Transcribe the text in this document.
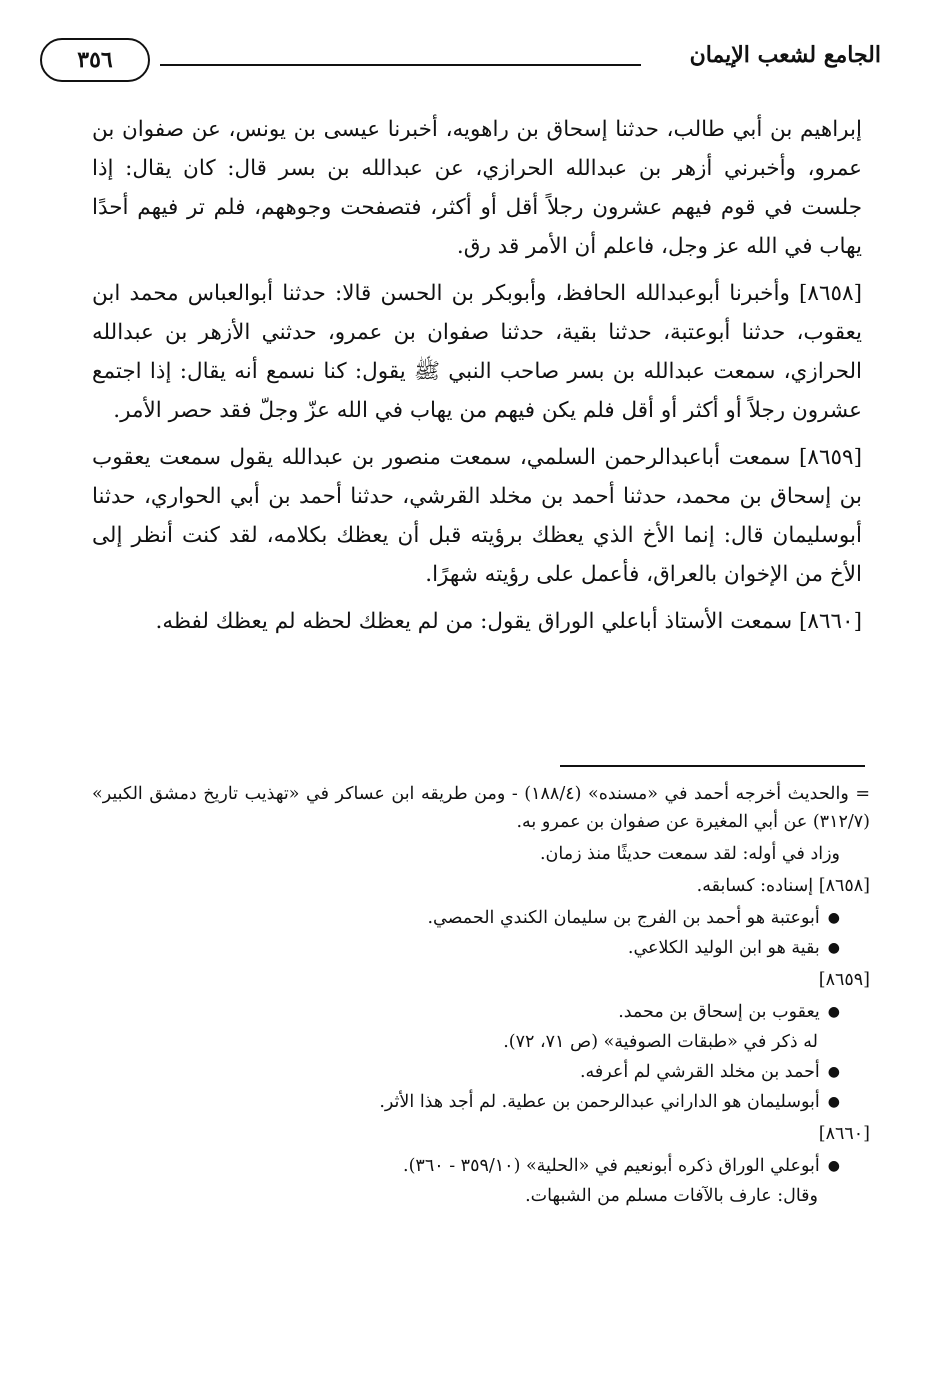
٣٥٦	الجامع لشعب الإيمان

إبراهيم بن أبي طالب، حدثنا إسحاق بن راهويه، أخبرنا عيسى بن يونس، عن صفوان بن عمرو، وأخبرني أزهر بن عبدالله الحرازي، عن عبدالله بن بسر قال: كان يقال: إذا جلست في قوم فيهم عشرون رجلاً أقل أو أكثر، فتصفحت وجوههم، فلم تر فيهم أحدًا يهاب في الله عز وجل، فاعلم أن الأمر قد رق.

[٨٦٥٨] وأخبرنا أبوعبدالله الحافظ، وأبوبكر بن الحسن قالا: حدثنا أبوالعباس محمد ابن يعقوب، حدثنا أبوعتبة، حدثنا بقية، حدثنا صفوان بن عمرو، حدثني الأزهر بن عبدالله الحرازي، سمعت عبدالله بن بسر صاحب النبي ﷺ يقول: كنا نسمع أنه يقال: إذا اجتمع عشرون رجلاً أو أكثر أو أقل فلم يكن فيهم من يهاب في الله عزّ وجلّ فقد حصر الأمر.

[٨٦٥٩] سمعت أباعبدالرحمن السلمي، سمعت منصور بن عبدالله يقول سمعت يعقوب بن إسحاق بن محمد، حدثنا أحمد بن مخلد القرشي، حدثنا أحمد بن أبي الحواري، حدثنا أبوسليمان قال: إنما الأخ الذي يعظك برؤيته قبل أن يعظك بكلامه، لقد كنت أنظر إلى الأخ من الإخوان بالعراق، فأعمل على رؤيته شهرًا.

[٨٦٦٠] سمعت الأستاذ أباعلي الوراق يقول: من لم يعظك لحظه لم يعظك لفظه.

= والحديث أخرجه أحمد في «مسنده» (١٨٨/٤) - ومن طريقه ابن عساكر في «تهذيب تاريخ دمشق الكبير» (٣١٢/٧) عن أبي المغيرة عن صفوان بن عمرو به.

وزاد في أوله: لقد سمعت حديثًا منذ زمان.

[٨٦٥٨] إسناده: كسابقه.

●أبوعتبة هو أحمد بن الفرج بن سليمان الكندي الحمصي.
●بقية هو ابن الوليد الكلاعي.

[٨٦٥٩]

●يعقوب بن إسحاق بن محمد.
له ذكر في «طبقات الصوفية» (ص ٧١، ٧٢).
●أحمد بن مخلد القرشي لم أعرفه.
●أبوسليمان هو الداراني عبدالرحمن بن عطية. لم أجد هذا الأثر.

[٨٦٦٠]

●أبوعلي الوراق ذكره أبونعيم في «الحلية» (٣٥٩/١٠ - ٣٦٠).
وقال: عارف بالآفات مسلم من الشبهات.
